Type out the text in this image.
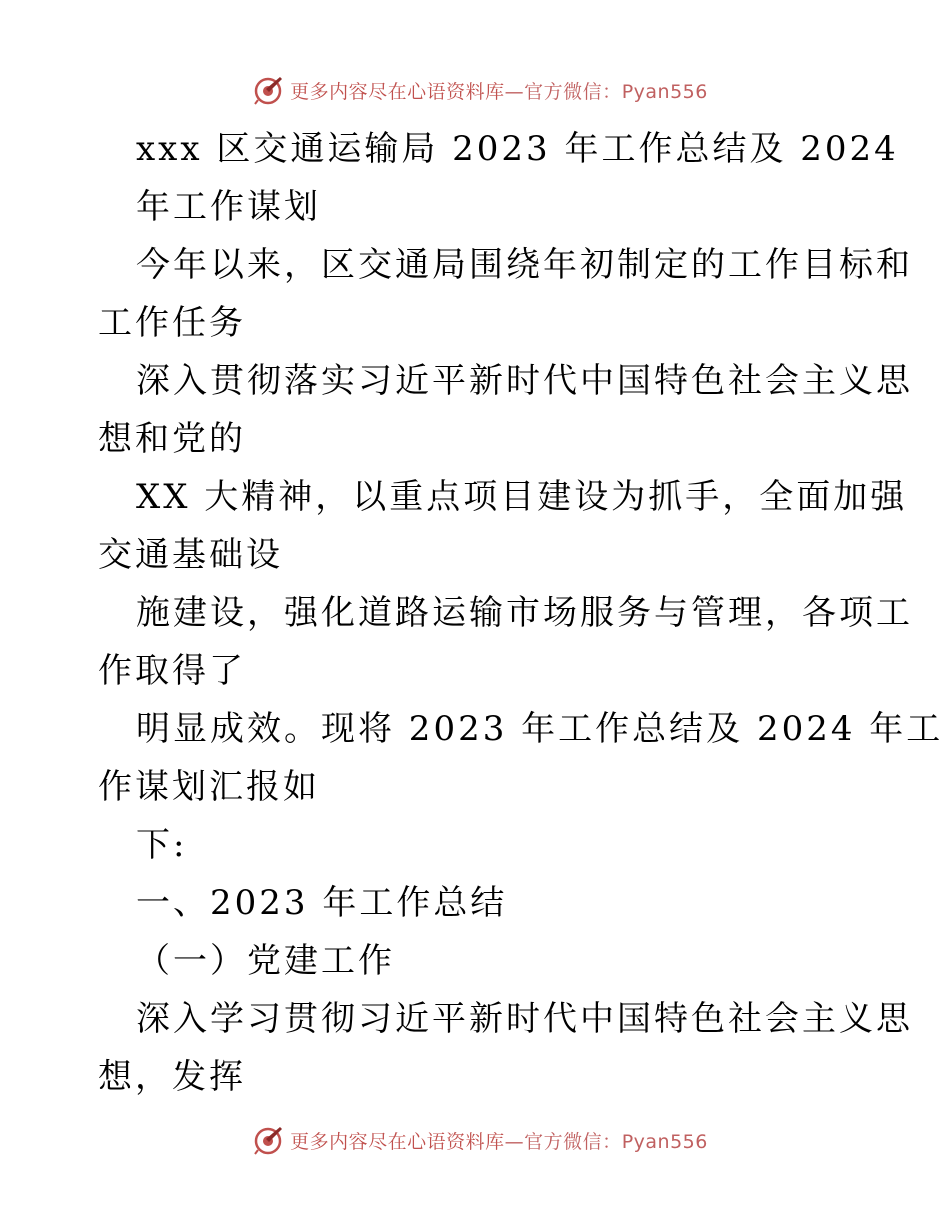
更多内容尽在心语资料库—官方微信：Pyan556
xxx 区交通运输局 2023 年工作总结及 2024
年工作谋划
今年以来，区交通局围绕年初制定的工作目标和
工作任务
深入贯彻落实习近平新时代中国特色社会主义思
想和党的
XX 大精神，以重点项目建设为抓手，全面加强
交通基础设
施建设，强化道路运输市场服务与管理，各项工
作取得了
明显成效。现将 2023 年工作总结及 2024 年工
作谋划汇报如
下:
一、2023 年工作总结
（一）党建工作
深入学习贯彻习近平新时代中国特色社会主义思
想，发挥
更多内容尽在心语资料库—官方微信：Pyan556
